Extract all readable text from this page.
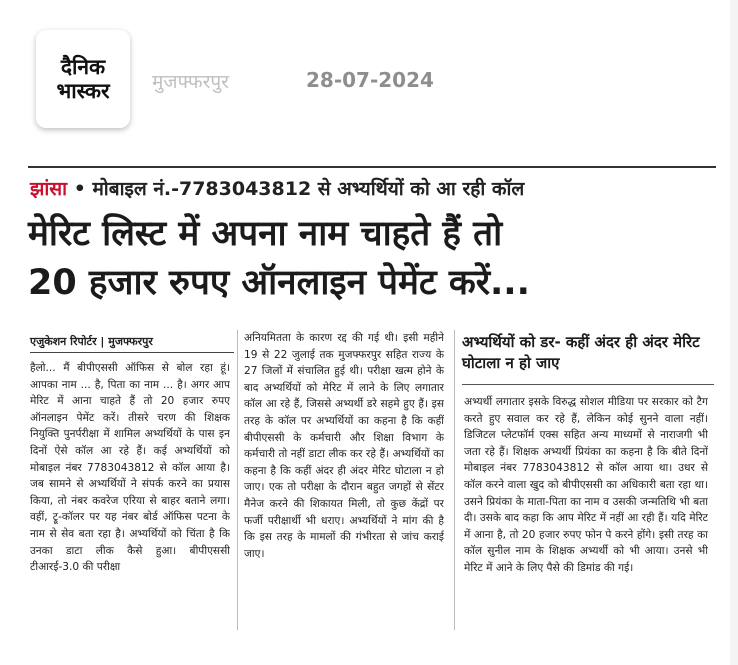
दैनिक
भास्कर मुजफ्फरपुर	28-07-2024
झांसा • मोबाइल नं.-7783043812 से अभ्यर्थियों को आ रही कॉल
मेरिट लिस्ट में अपना नाम चाहते हैं तो
20 हजार रुपए ऑनलाइन पेमेंट करें...
एजुकेशन रिपोर्टर | मुजफ्फरपुर
हैलो... मैं बीपीएससी ऑफिस से बोल रहा हूं। आपका नाम ... है, पिता का नाम ... है। अगर आप मेरिट में आना चाहते हैं तो 20 हजार रुपए ऑनलाइन पेमेंट करें। तीसरे चरण की शिक्षक नियुक्ति पुनर्परीक्षा में शामिल अभ्यर्थियों के पास इन दिनों ऐसे कॉल आ रहे हैं। कई अभ्यर्थियों को मोबाइल नंबर 7783043812 से कॉल आया है। जब सामने से अभ्यर्थियों ने संपर्क करने का प्रयास किया, तो नंबर कवरेज एरिया से बाहर बताने लगा। वहीं, ट्रू-कॉलर पर यह नंबर बोर्ड ऑफिस पटना के नाम से सेव बता रहा है। अभ्यर्थियों को चिंता है कि उनका डाटा लीक कैसे हुआ। बीपीएससी टीआरई-3.0 की परीक्षा
अनियमितता के कारण रद्द की गई थी। इसी महीने 19 से 22 जुलाई तक मुजफ्फरपुर सहित राज्य के 27 जिलों में संचालित हुई थी। परीक्षा खत्म होने के बाद अभ्यर्थियों को मेरिट में लाने के लिए लगातार कॉल आ रहे हैं, जिससे अभ्यर्थी डरे सहमे हुए हैं। इस तरह के कॉल पर अभ्यर्थियों का कहना है कि कहीं बीपीएससी के कर्मचारी और शिक्षा विभाग के कर्मचारी तो नहीं डाटा लीक कर रहे हैं। अभ्यर्थियों का कहना है कि कहीं अंदर ही अंदर मेरिट घोटाला न हो जाए। एक तो परीक्षा के दौरान बहुत जगहों से सेंटर मैनेज करने की शिकायत मिली, तो कुछ केंद्रों पर फर्जी परीक्षार्थी भी धराए। अभ्यर्थियों ने मांग की है कि इस तरह के मामलों की गंभीरता से जांच कराई जाए।
अभ्यर्थियों को डर- कहीं अंदर ही अंदर मेरिट घोटाला न हो जाए
अभ्यर्थी लगातार इसके विरुद्ध सोशल मीडिया पर सरकार को टैग करते हुए सवाल कर रहे हैं, लेकिन कोई सुनने वाला नहीं। डिजिटल प्लेटफॉर्म एक्स सहित अन्य माध्यमों से नाराजगी भी जता रहे हैं। शिक्षक अभ्यर्थी प्रियंका का कहना है कि बीते दिनों मोबाइल नंबर 7783043812 से कॉल आया था। उधर से कॉल करने वाला खुद को बीपीएससी का अधिकारी बता रहा था। उसने प्रियंका के माता-पिता का नाम व उसकी जन्मतिथि भी बता दी। उसके बाद कहा कि आप मेरिट में नहीं आ रही हैं। यदि मेरिट में आना है, तो 20 हजार रुपए फोन पे करने होंगे। इसी तरह का कॉल सुनील नाम के शिक्षक अभ्यर्थी को भी आया। उनसे भी मेरिट में आने के लिए पैसे की डिमांड की गई।
